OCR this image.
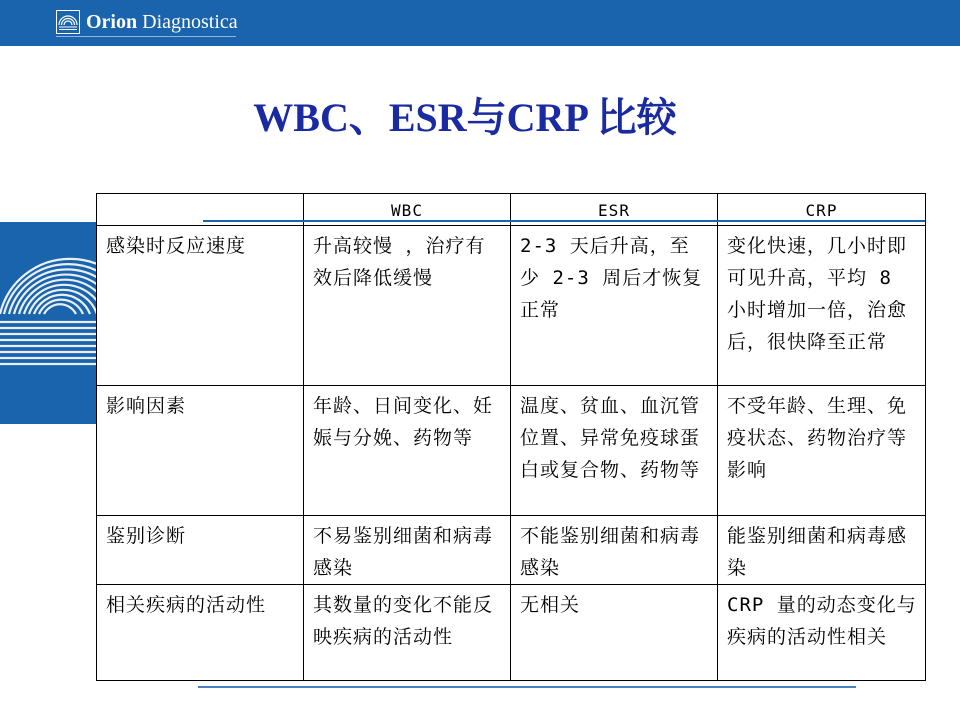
Orion Diagnostica
WBC、ESR与CRP 比较
	WBC	ESR	CRP
感染时反应速度	升高较慢 ，治疗有效后降低缓慢	2-3 天后升高，至少 2-3 周后才恢复正常	变化快速，几小时即可见升高，平均 8 小时增加一倍，治愈后，很快降至正常
影响因素	年龄、日间变化、妊娠与分娩、药物等	温度、贫血、血沉管位置、异常免疫球蛋白或复合物、药物等	不受年龄、生理、免疫状态、药物治疗等影响
鉴别诊断	不易鉴别细菌和病毒感染	不能鉴别细菌和病毒感染	能鉴别细菌和病毒感染
相关疾病的活动性	其数量的变化不能反映疾病的活动性	无相关	CRP 量的动态变化与疾病的活动性相关
